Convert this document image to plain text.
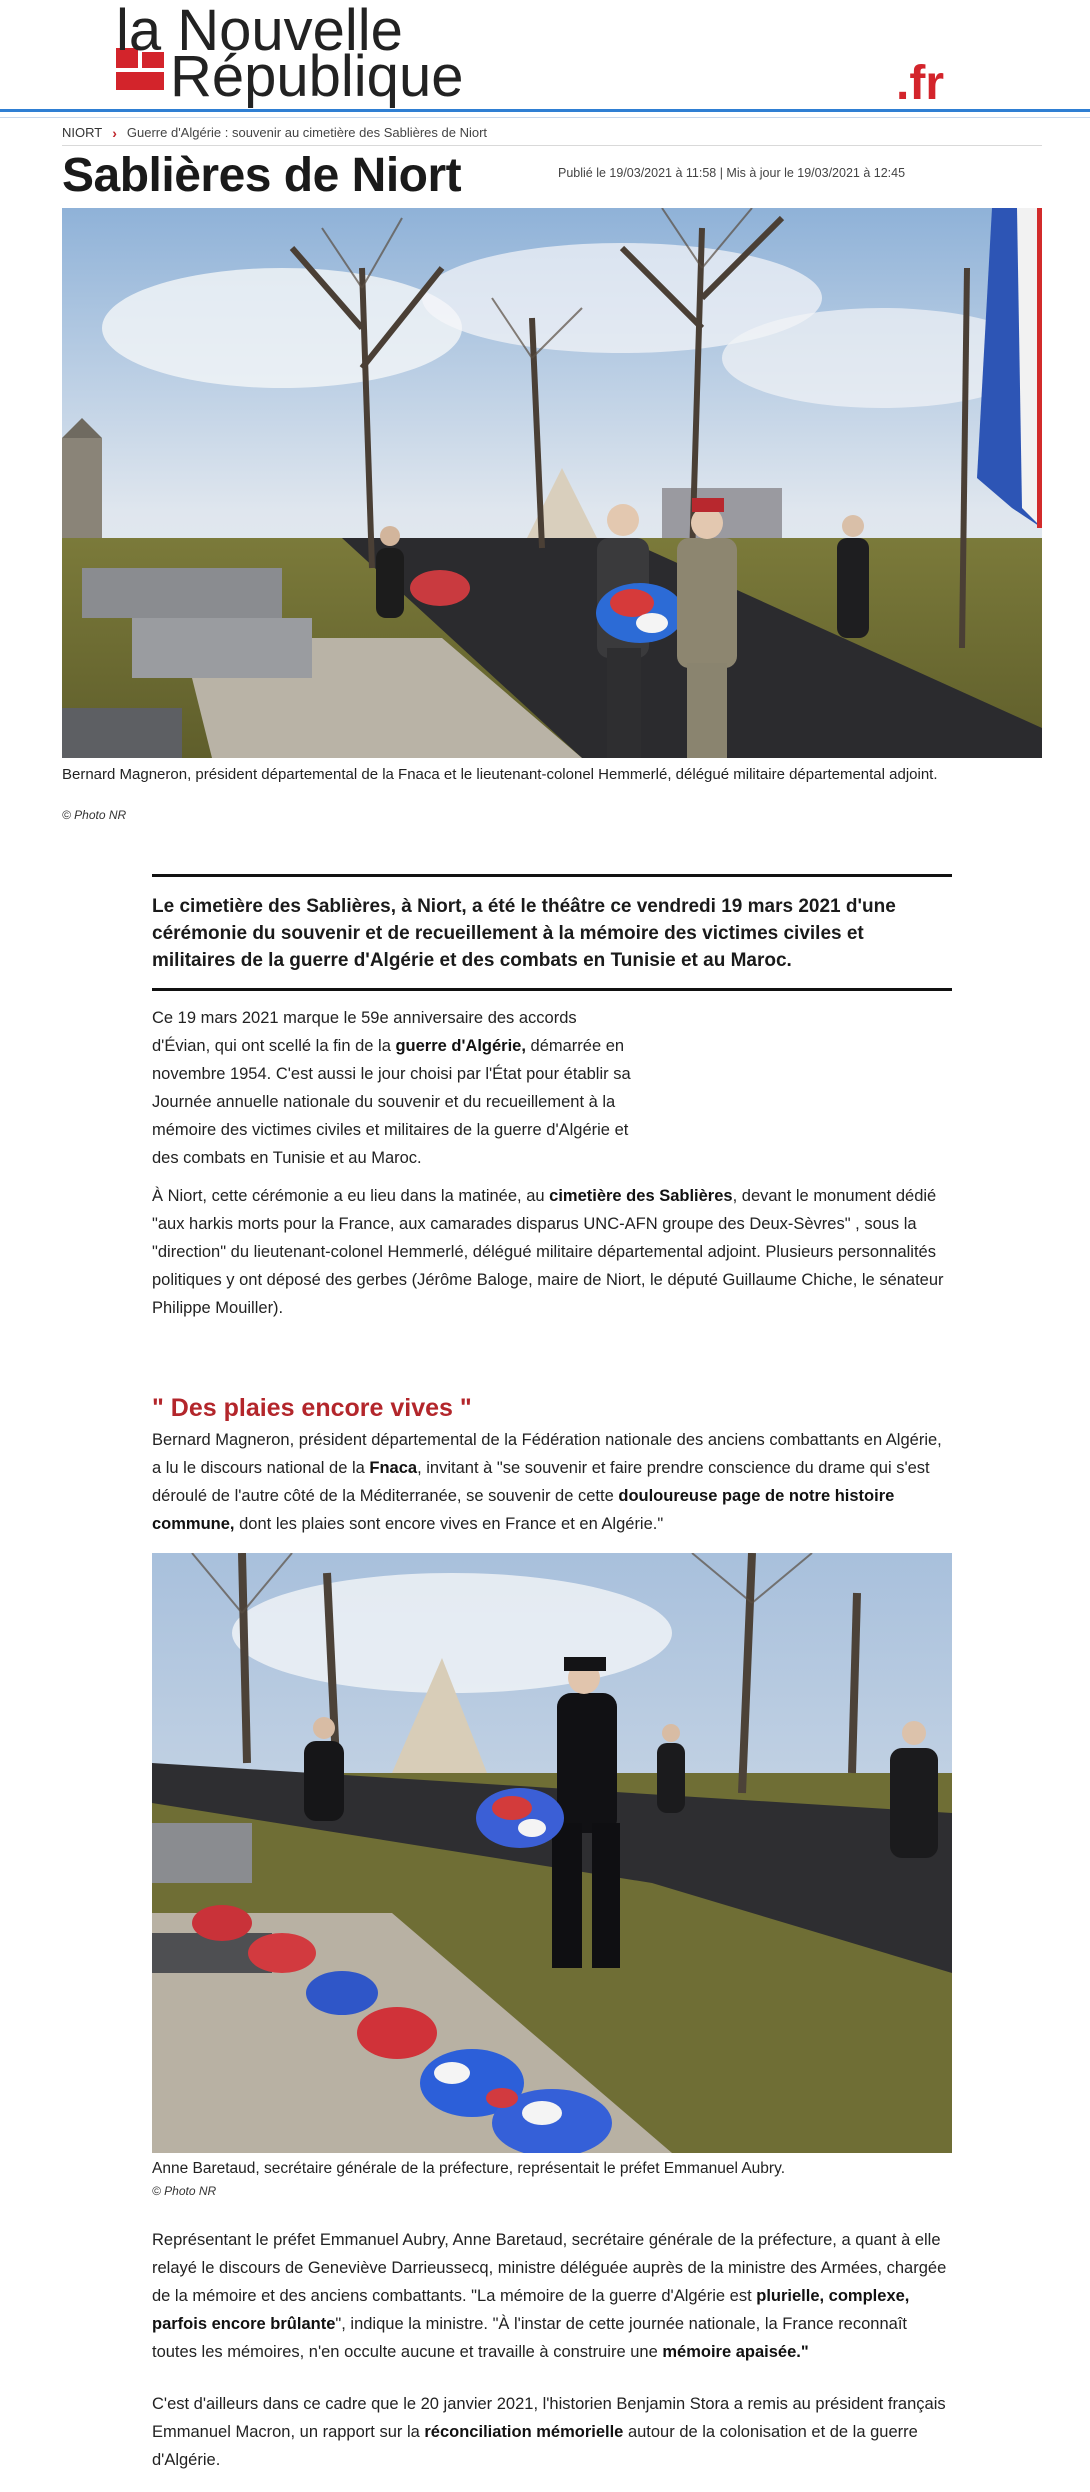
la Nouvelle
République	.fr
NIORT › Guerre d'Algérie : souvenir au cimetière des Sablières de Niort
Sablières de Niort	Publié le 19/03/2021 à 11:58 | Mis à jour le 19/03/2021 à 12:45
Bernard Magneron, président départemental de la Fnaca et le lieutenant-colonel Hemmerlé, délégué militaire départemental adjoint.
© Photo NR
Le cimetière des Sablières, à Niort, a été le théâtre ce vendredi 19 mars 2021 d'une cérémonie du souvenir et de recueillement à la mémoire des victimes civiles et militaires de la guerre d'Algérie et des combats en Tunisie et au Maroc.

Ce 19 mars 2021 marque le 59e anniversaire des accords d'Évian, qui ont scellé la fin de la guerre d'Algérie, démarrée en novembre 1954. C'est aussi le jour choisi par l'État pour établir sa Journée annuelle nationale du souvenir et du recueillement à la mémoire des victimes civiles et militaires de la guerre d'Algérie et des combats en Tunisie et au Maroc.

À Niort, cette cérémonie a eu lieu dans la matinée, au cimetière des Sablières, devant le monument dédié "aux harkis morts pour la France, aux camarades disparus UNC-AFN groupe des Deux-Sèvres" , sous la "direction" du lieutenant-colonel Hemmerlé, délégué militaire départemental adjoint. Plusieurs personnalités politiques y ont déposé des gerbes (Jérôme Baloge, maire de Niort, le député Guillaume Chiche, le sénateur Philippe Mouiller).

" Des plaies encore vives "

Bernard Magneron, président départemental de la Fédération nationale des anciens combattants en Algérie, a lu le discours national de la Fnaca, invitant à "se souvenir et faire prendre conscience du drame qui s'est déroulé de l'autre côté de la Méditerranée, se souvenir de cette douloureuse page de notre histoire commune, dont les plaies sont encore vives en France et en Algérie."

Anne Baretaud, secrétaire générale de la préfecture, représentait le préfet Emmanuel Aubry.
© Photo NR

Représentant le préfet Emmanuel Aubry, Anne Baretaud, secrétaire générale de la préfecture, a quant à elle relayé le discours de Geneviève Darrieussecq, ministre déléguée auprès de la ministre des Armées, chargée de la mémoire et des anciens combattants. "La mémoire de la guerre d'Algérie est plurielle, complexe, parfois encore brûlante", indique la ministre. "À l'instar de cette journée nationale, la France reconnaît toutes les mémoires, n'en occulte aucune et travaille à construire une mémoire apaisée."

C'est d'ailleurs dans ce cadre que le 20 janvier 2021, l'historien Benjamin Stora a remis au président français Emmanuel Macron, un rapport sur la réconciliation mémorielle autour de la colonisation et de la guerre d'Algérie.
